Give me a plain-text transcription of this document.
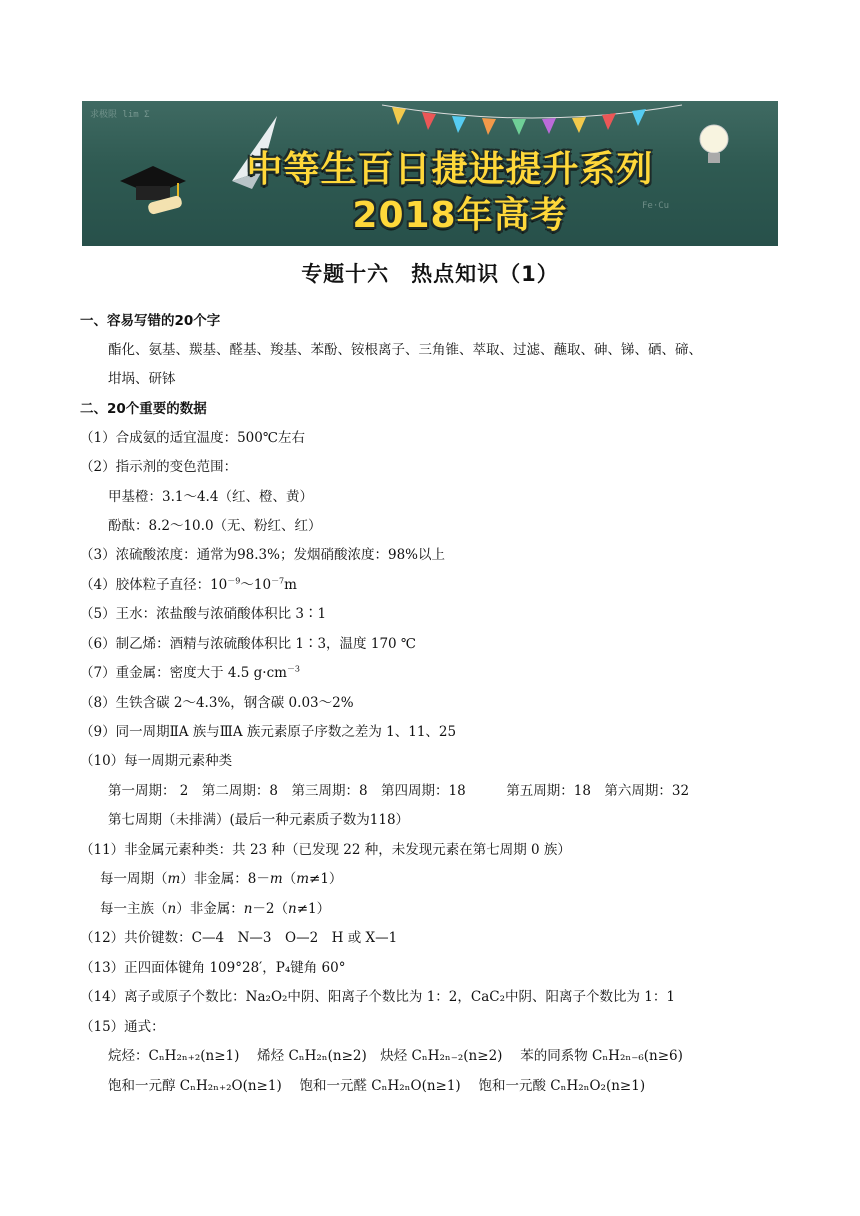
求极限 lim Σ
Fe·Cu
中等生百日捷进提升系列
2018年高考
专题十六　热点知识（1）
一、容易写错的20个字
酯化、氨基、羰基、醛基、羧基、苯酚、铵根离子、三角锥、萃取、过滤、蘸取、砷、锑、硒、碲、
坩埚、研钵
二、20个重要的数据
（1）合成氨的适宜温度：500℃左右
（2）指示剂的变色范围：
甲基橙：3.1～4.4（红、橙、黄）
酚酞：8.2～10.0（无、粉红、红）
（3）浓硫酸浓度：通常为98.3%；发烟硝酸浓度：98%以上
（4）胶体粒子直径：$10^{-9}\sim 10^{-7}m$
（5）王水：浓盐酸与浓硝酸体积比 3∶1
（6）制乙烯：酒精与浓硫酸体积比 1∶3，温度 170 ℃
（7）重金属：密度大于 4.5 $g\cdot cm^{-3}$
（8）生铁含碳 2～4.3%，钢含碳 0.03～2%
（9）同一周期ⅡA 族与ⅢA 族元素原子序数之差为 1、11、25
（10）每一周期元素种类
第一周期： 2　第二周期：8　第三周期：8　第四周期：18　　　第五周期：18　第六周期：32
第七周期（未排满）(最后一种元素质子数为118）
（11）非金属元素种类：共 23 种（已发现 22 种，未发现元素在第七周期 0 族）
每一周期（m）非金属：8－m（m≠1）
每一主族（n）非金属：n－2（n≠1）
（12）共价键数：C—4　N—3　O—2　H 或 X—1
（13）正四面体键角 109°28′，P₄键角 60°
（14）离子或原子个数比：Na₂O₂中阴、阳离子个数比为 1：2，CaC₂中阴、阳离子个数比为 1：1
（15）通式：
烷烃：CₙH₂ₙ₊₂(n≥1)　 烯烃 CₙH₂ₙ(n≥2)　炔烃 CₙH₂ₙ₋₂(n≥2)　 苯的同系物 CₙH₂ₙ₋₆(n≥6)
饱和一元醇 CₙH₂ₙ₊₂O(n≥1)　 饱和一元醛 CₙH₂ₙO(n≥1)　 饱和一元酸 CₙH₂ₙO₂(n≥1)
